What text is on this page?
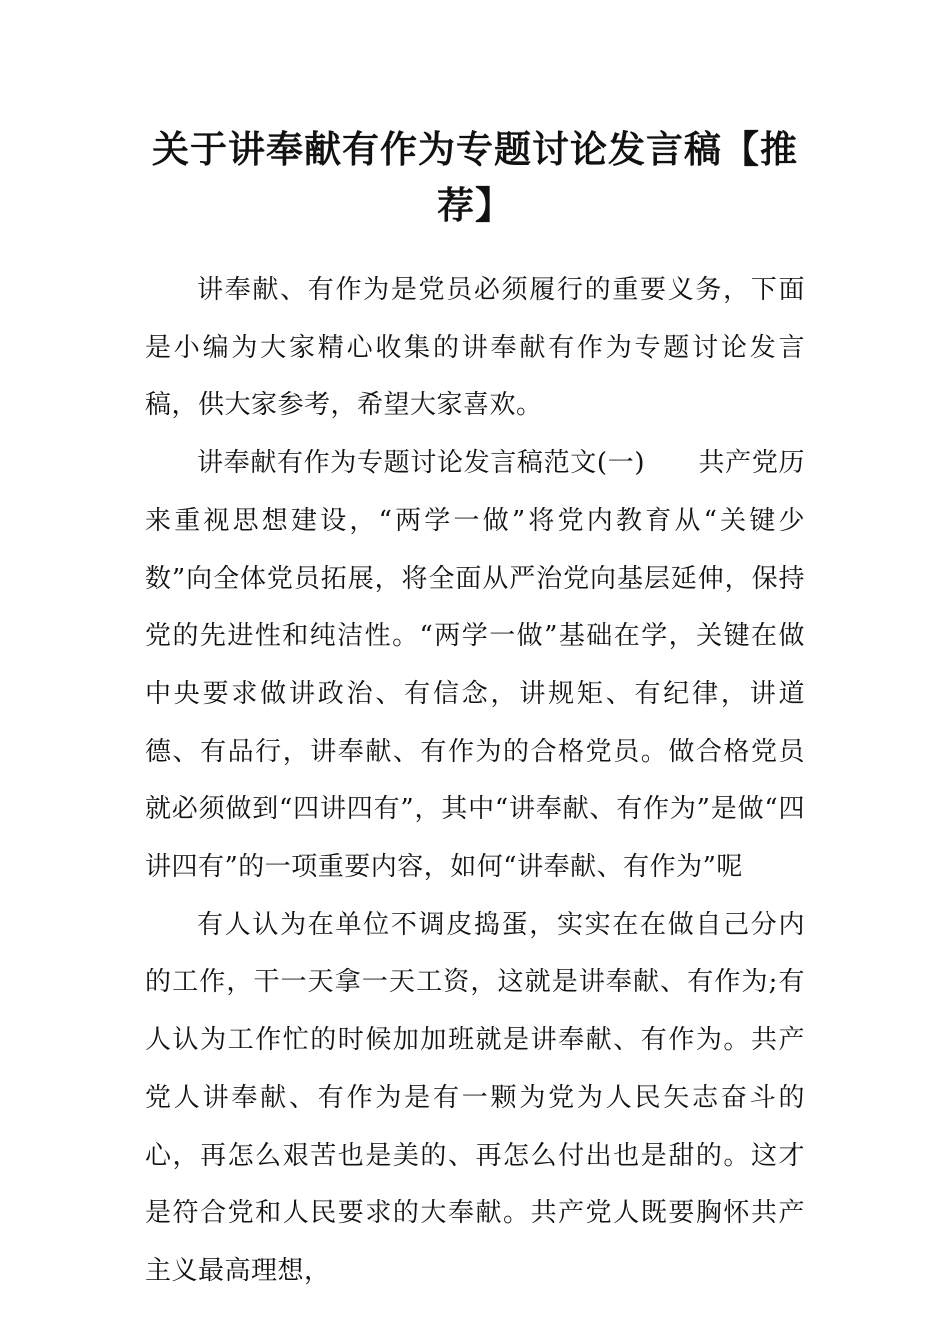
关于讲奉献有作为专题讨论发言稿【推荐】

讲奉献、有作为是党员必须履行的重要义务，下面是小编为大家精心收集的讲奉献有作为专题讨论发言稿，供大家参考，希望大家喜欢。

讲奉献有作为专题讨论发言稿范文(一)　　共产党历来重视思想建设，“两学一做”将党内教育从“关键少数”向全体党员拓展，将全面从严治党向基层延伸，保持党的先进性和纯洁性。“两学一做”基础在学，关键在做中央要求做讲政治、有信念，讲规矩、有纪律，讲道德、有品行，讲奉献、有作为的合格党员。做合格党员就必须做到“四讲四有”，其中“讲奉献、有作为”是做“四讲四有”的一项重要内容，如何“讲奉献、有作为”呢

有人认为在单位不调皮捣蛋，实实在在做自己分内的工作，干一天拿一天工资，这就是讲奉献、有作为;有人认为工作忙的时候加加班就是讲奉献、有作为。共产党人讲奉献、有作为是有一颗为党为人民矢志奋斗的心，再怎么艰苦也是美的、再怎么付出也是甜的。这才是符合党和人民要求的大奉献。共产党人既要胸怀共产主义最高理想，
